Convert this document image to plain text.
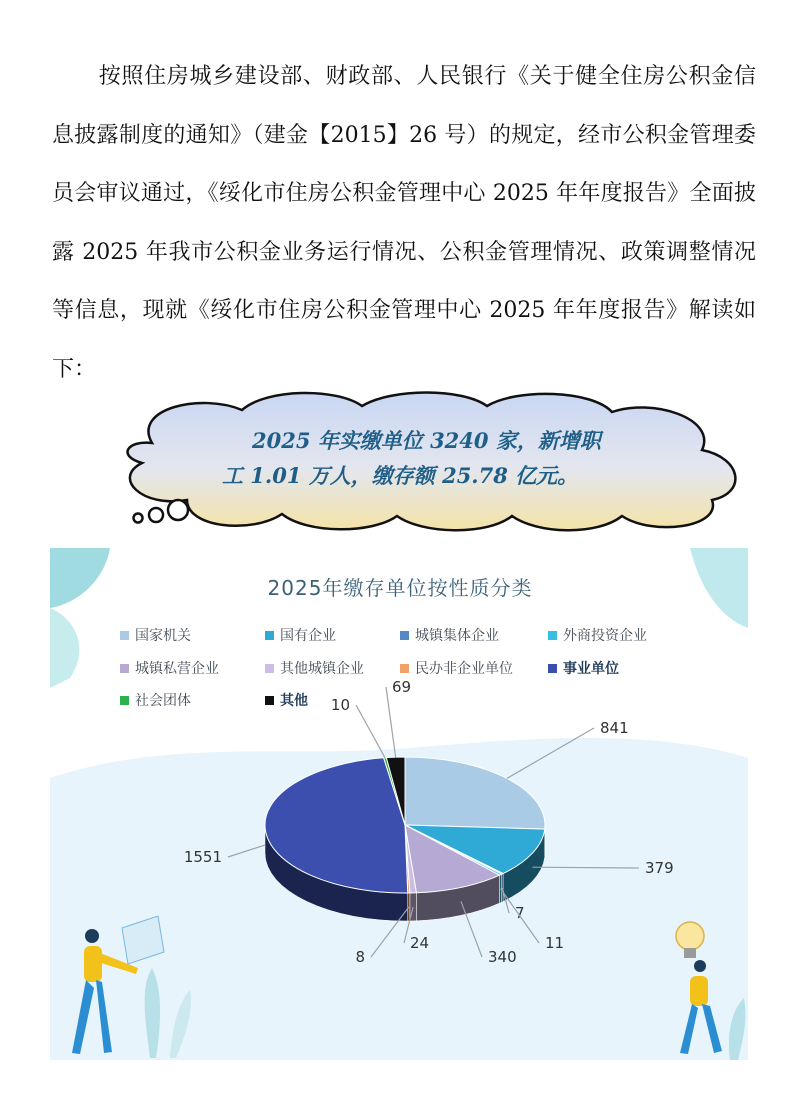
按照住房城乡建设部、财政部、人民银行《关于健全住房公积金信息披露制度的通知》（建金【2015】26 号）的规定，经市公积金管理委员会审议通过，《绥化市住房公积金管理中心 2025 年年度报告》全面披露 2025 年我市公积金业务运行情况、公积金管理情况、政策调整情况等信息，现就《绥化市住房公积金管理中心 2025 年年度报告》解读如下：

2025 年实缴单位 3240 家，新增职
工 1.01 万人，缴存额 25.78 亿元。
2025年缴存单位按性质分类
国家机关	国有企业	城镇集体企业	外商投资企业
城镇私营企业	其他城镇企业	民办非企业单位	事业单位
社会团体	其他
841
379
7
11
340
24
8
1551
10
69
